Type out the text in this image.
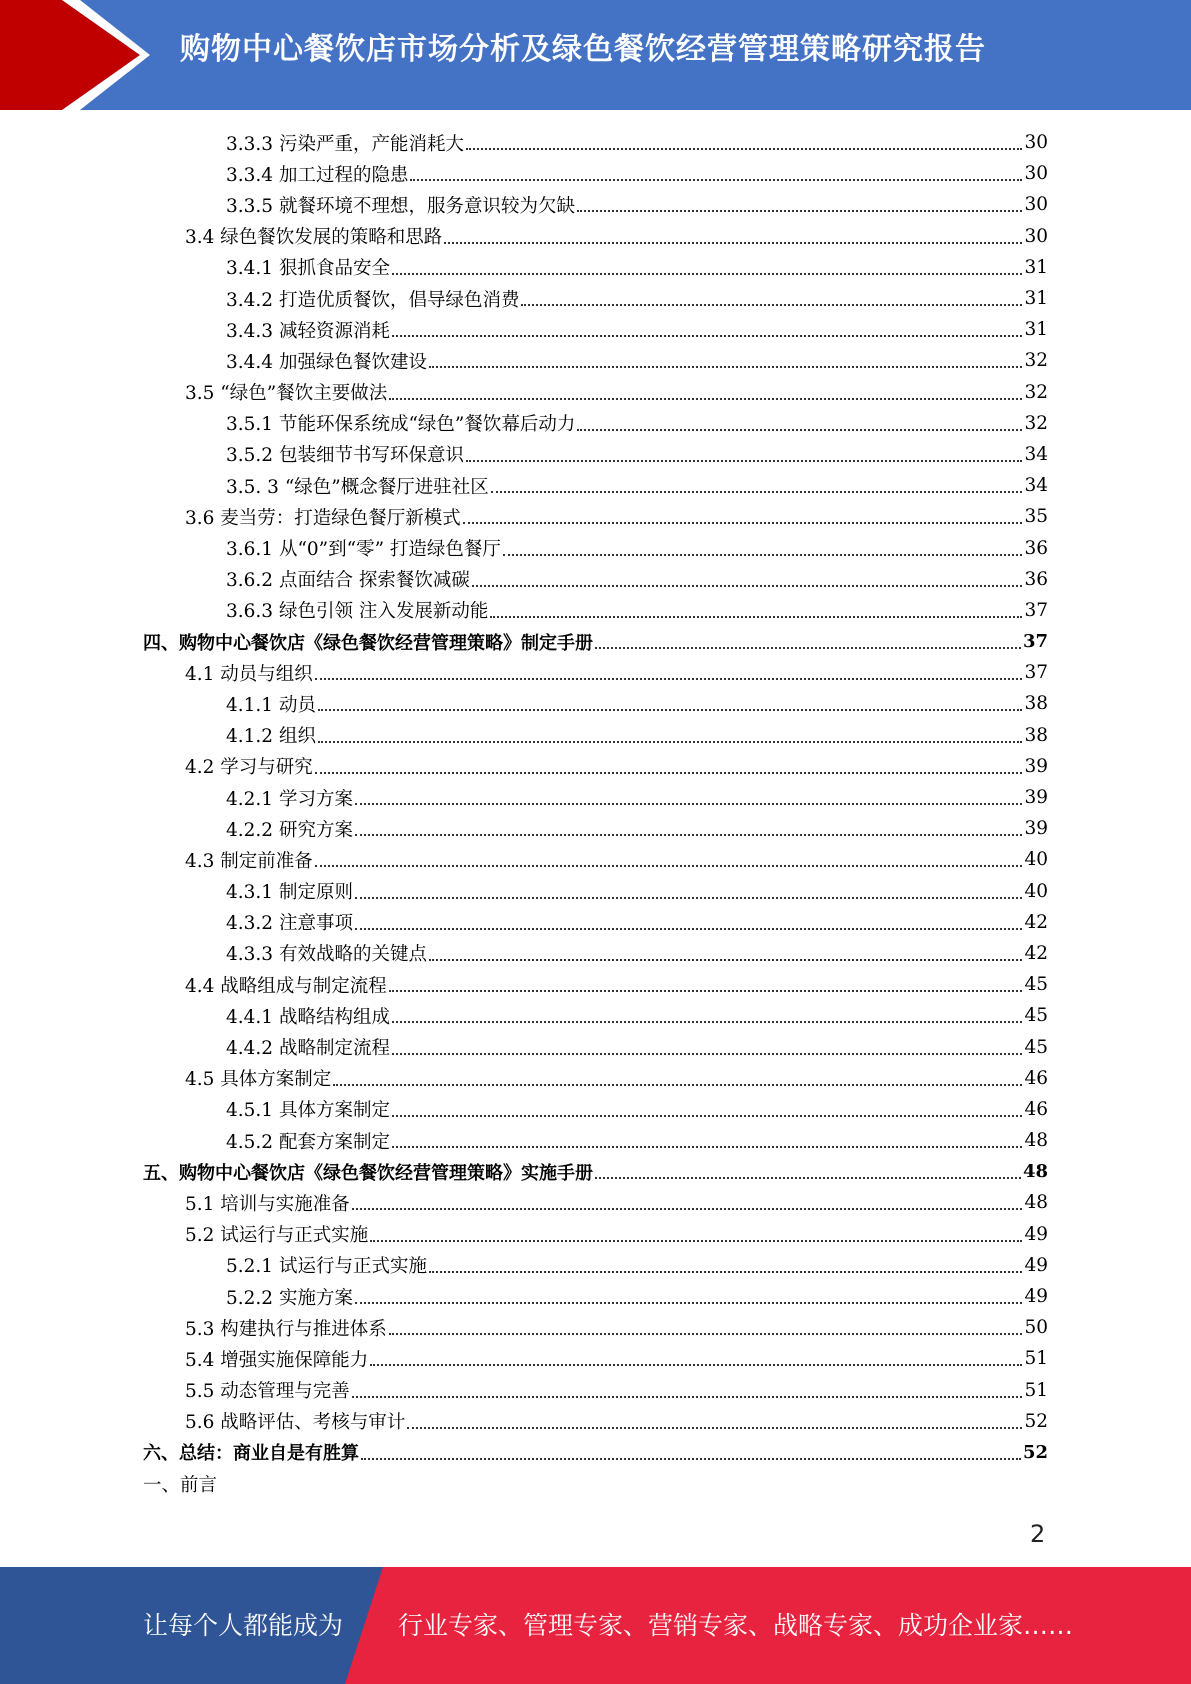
购物中心餐饮店市场分析及绿色餐饮经营管理策略研究报告
3.3.3 污染严重，产能消耗大	30
3.3.4 加工过程的隐患	30
3.3.5 就餐环境不理想，服务意识较为欠缺	30
3.4 绿色餐饮发展的策略和思路	30
3.4.1 狠抓食品安全	31
3.4.2 打造优质餐饮，倡导绿色消费	31
3.4.3 减轻资源消耗	31
3.4.4 加强绿色餐饮建设	32
3.5 “绿色”餐饮主要做法	32
3.5.1 节能环保系统成“绿色”餐饮幕后动力	32
3.5.2 包装细节书写环保意识	34
3.5. 3 “绿色”概念餐厅进驻社区	34
3.6 麦当劳：打造绿色餐厅新模式	35
3.6.1 从“0”到“零” 打造绿色餐厅	36
3.6.2 点面结合 探索餐饮减碳	36
3.6.3 绿色引领 注入发展新动能	37
四、购物中心餐饮店《绿色餐饮经营管理策略》制定手册	37
4.1 动员与组织	37
4.1.1 动员	38
4.1.2 组织	38
4.2 学习与研究	39
4.2.1 学习方案	39
4.2.2 研究方案	39
4.3 制定前准备	40
4.3.1 制定原则	40
4.3.2 注意事项	42
4.3.3 有效战略的关键点	42
4.4 战略组成与制定流程	45
4.4.1 战略结构组成	45
4.4.2 战略制定流程	45
4.5 具体方案制定	46
4.5.1 具体方案制定	46
4.5.2 配套方案制定	48
五、购物中心餐饮店《绿色餐饮经营管理策略》实施手册	48
5.1 培训与实施准备	48
5.2 试运行与正式实施	49
5.2.1 试运行与正式实施	49
5.2.2 实施方案	49
5.3 构建执行与推进体系	50
5.4 增强实施保障能力	51
5.5 动态管理与完善	51
5.6 战略评估、考核与审计	52
六、总结：商业自是有胜算	52
一、前言
2
让每个人都能成为 行业专家、管理专家、营销专家、战略专家、成功企业家……
